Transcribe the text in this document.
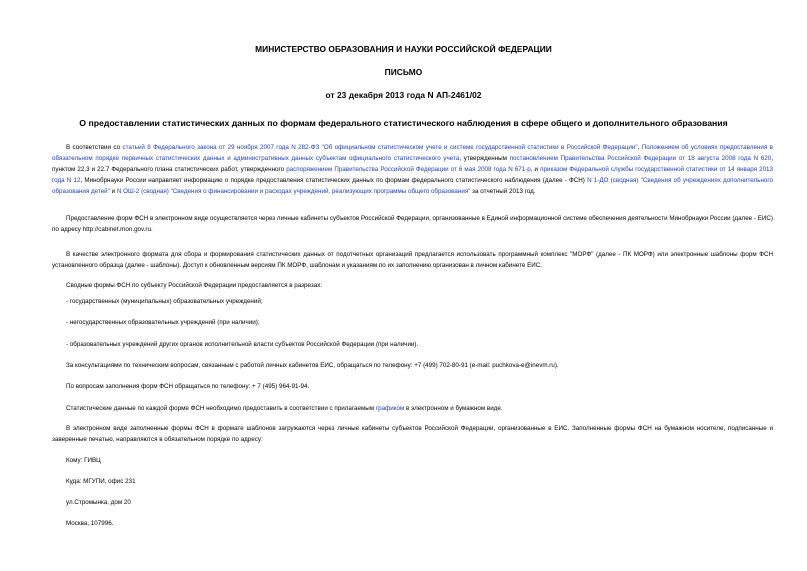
МИНИСТЕРСТВО ОБРАЗОВАНИЯ И НАУКИ РОССИЙСКОЙ ФЕДЕРАЦИИ
ПИСЬМО
от 23 декабря 2013 года N АП-2461/02
О предоставлении статистических данных по формам федерального статистического наблюдения в сфере общего и дополнительного образования

В соответствии со статьей 8 Федерального закона от 29 ноября 2007 года N 282-ФЗ "Об официальном статистическом учете и системе государственной статистики в Российской Федерации", Положением об условиях предоставления в обязательном порядке первичных статистических данных и административных данных субъектам официального статистического учета, утвержденным постановлением Правительства Российской Федерации от 18 августа 2008 года N 620, пунктом 22.3 и 22.7 Федерального плана статистических работ, утвержденного распоряжением Правительства Российской Федерации от 6 мая 2008 года N 671-р, и приказом Федеральной службы государственной статистики от 14 января 2013 года N 12, Минобрнауки России направляет информацию о порядке предоставления статистических данных по формам федерального статистического наблюдения (далее - ФСН) N 1-ДО (сводная) "Сведения об учреждениях дополнительного образования детей" и N ОШ-2 (сводная) "Сведения о финансировании и расходах учреждений, реализующих программы общего образования" за отчетный 2013 год.

Предоставление форм ФСН в электронном виде осуществляется через личные кабинеты субъектов Российской Федерации, организованные в Единой информационной системе обеспечения деятельности Минобрнауки России (далее - ЕИС) по адресу http://cabinet.mon.gov.ru.

В качестве электронного формата для сбора и формирования статистических данных от подотчетных организаций предлагается использовать программный комплекс "МОРФ" (далее - ПК МОРФ) или электронные шаблоны форм ФСН установленного образца (далее - шаблоны). Доступ к обновленным версиям ПК МОРФ, шаблонам и указаниям по их заполнению организован в личном кабинете ЕИС.

Сводные формы ФСН по субъекту Российской Федерации предоставляется в разрезах:

- государственных (муниципальных) образовательных учреждений;

- негосударственных образовательных учреждений (при наличии);

- образовательных учреждений других органов исполнительной власти субъектов Российской Федерации (при наличии).

За консультациями по техническим вопросам, связанным с работой личных кабинетов ЕИС, обращаться по телефону: +7 (499) 702-80-91 (e-mail: puchkova-e@inevm.ru).

По вопросам заполнения форм ФСН обращаться по телефону: + 7 (495) 964-91-94.

Статистические данные по каждой форме ФСН необходимо предоставить в соответствии с прилагаемым графиком в электронном и бумажном виде.

В электронном виде заполненные формы ФСН в формате шаблонов загружаются через личные кабинеты субъектов Российской Федерации, организованные в ЕИС. Заполненные формы ФСН на бумажном носителе, подписанные и заверенные печатью, направляются в обязательном порядке по адресу:

Кому: ГИВЦ

Куда: МГУПИ, офис 231

ул.Стромынка, дом 20

Москва, 107996.
